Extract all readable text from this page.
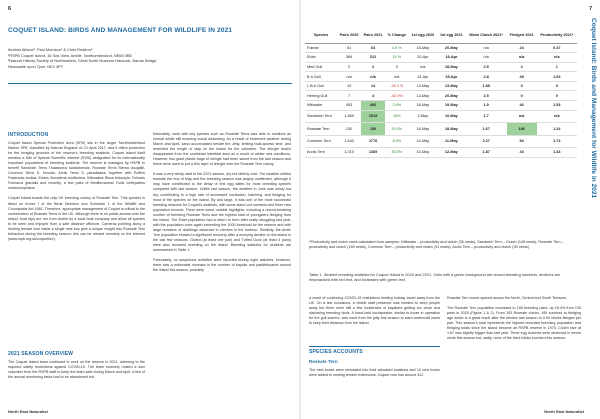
6
COQUET ISLAND: BIRDS AND MANAGEMENT FOR WILDLIFE IN 2021
Ibrahim Alfarwi¹, Paul Morrison¹ & Chris Redfern²
¹RSPB Coquet Island, 16 Sea View, Amble, Northumberland, NE65 0BE
²Natural History Society of Northumbria, Great North Museum Hancock, Barras Bridge,
Newcastle upon Tyne, NE2 4PT
INTRODUCTION

Coquet Island Special Protection Area (SPA) sits in the larger 'Northumberland Marine SPA' classified by Natural England on 21 April 2017, and it offers protection for the foraging grounds of the reserve's breeding seabirds. Coquet Island itself remains a Site of Special Scientific Interest (SSSI) designated for its internationally important populations of breeding seabirds. The reserve is managed by RSPB to benefit Sandwich Terns Thalasseus sandvicensis, Roseate Terns Sterna dougallii, Common Terns S. hirundo, Arctic Terns S. paradisaea, together with Puffins Fratercula arctica, Eiders Somateria mollissima, Kittiwakes Rissa tridactyla, Fulmars Fulmarus glacialis and recently, a few pairs of Mediterranean Gulls Ichthyaetus melanocephalus.

Coquet Island boasts the only UK breeding colony of Roseate Tern. This species is listed on Annex I of the Birds Directive and Schedule 1 of the Wildlife and Countryside Act 1981. Therefore, appropriate management of Coquet is critical to the conservation of Roseate Terns in the UK. Although there is no public access onto the island, boat trips are run from Amble by a local boat company and allow all species to be seen and enjoyed from a safe distance offshore. Cameras pointing along a nesting terrace and inside a single nest box give a unique insight into Roseate Tern behaviour during the breeding season; this can be viewed remotely on the internet (www.rspb.org.uk/coquetlive).

2021 SEASON OVERVIEW

The Coquet Island team continued to work on the reserve in 2021, adhering to the required safety restrictions against COVID-19. The team routinely hosted a solo volunteer from the RSPB staff to keep the team safe during March and April. A few of the annual monitoring tasks had to be abandoned but,

fortunately, work with key species such as Roseate Terns was able to continue as normal whilst still ensuring social distancing. As a result of inclement weather during March and April, sand accumulated beside the Jetty, limiting boat-access time, and restricted the length of stay on the island for the volunteer. The shingle beach disappeared from the southeast intertidal area as a result of winter sea conditions. However, two giant plastic bags of shingle had been saved from the last season and these were used to put a thin layer of shingle over the Roseate Tern colony.

It was a very windy start to the 2021 season, dry but bitterly cold. The weather settled towards the end of May and the breeding season was largely unaffected, although it may have contributed to the delay of first egg dates for most breeding species compared with last season. Unlike last season, the weather in June was windy but dry, contributing to a high rate of successful incubation, hatching, and fledging for most of the species on the island. By and large, it was one of the most successful breeding seasons for Coquet's seabirds, with some stand-out numbers and three new population records. There were some notable highlights, including a record-breaking number of breeding Roseate Terns and the highest total of youngsters fledging from the island. The Eider population had a return to form after really struggling last year, with the population once again exceeding the 1000 threshold for the reserve and with large numbers of ducklings observed in crèches in the harbour. Similarly, the Arctic Tern population showed a significant recovery after a worrying decline on the island in the last few seasons. Gulled (at least one pair) and Tufted Duck (at least 4 pairs) were also recorded breeding on the island. Breeding statistics for seabirds are summarised in Table 1.

Fortunately, no suspicious activities were reported during night watches. However, there was a noticeable increase in the number of kayaks and paddleboards around the island this season, probably

North East Naturalist
7
Coquet Island: Birds and Management for Wildlife in 2021
Species	Pairs 2020	Pairs 2021	% Change	1st egg 2020	1st egg 2021	Mean Clutch 2021*	Fledged 2021	Productivity 2021*
Fulmar	61	64	4.9 %	15-May	20-May	n/a	24	0.37
Eider	369	312	15 %	20-Apr	18-Apr	n/a	n/a	n/a
Med Gull	2	2	0	n/a	18-May	2.5	2	1
B-h Gull	n/a	n/a	n/a	14-Apr	25-Apr	2.8	49	1.63
L.B-b Gull	19	14	-26.3 %	13-May	13-May	1.85	0	0
Herring Gull	7	4	-42.9%	13-May	20-May	2.5	0	0
Kittiwake	453	466	2.8%	18-May	19-May	1.9	46	1.53
Sandwich Tern	1,669	1919	15%	2-May	10-May	1.7	n/a	n/a
Roseate Tern	130	150	15.4%	16-May	18-May	1.67	186	1.24
Common Tern	1,640	1776	8.3%	10-May	11-May	2.27	54	1.74
Arctic Tern	1,010	1369	35.5%	10-May	12-May	1.87	43	1.43
*Productivity and clutch sizes calculated from samples: Kittiwake – productivity and clutch (30 nests), Sandwich Tern – Clutch (145 nests), Roseate Tern – productivity and clutch (150 nests), Common Tern – productivity and clutch (31 nests), Arctic Tern – productivity and clutch (30 nests)
Table 1. Seabird breeding statistics for Coquet Island in 2020 and 2021. Cells with a green background are record-breaking numbers, declines are emphasised with red text, and increases with green text.

a result of continuing COVID-19 restrictions limiting holiday travel away from the UK. On a few occasions, a visible staff presence was needed to keep people away but there were still a few incidences of kayakers getting too close and disturbing breeding birds. A hand-held loudspeaker, similar to those in operation for the gull scarers, was used from the jetty this season to warn watercraft users to keep their distance from the island.

SPECIES ACCOUNTS
Roseate Tern

The nest boxes were reinstated into their allocated locations and 10 new boxes were added to nesting terrace extensions. Coquet now has around 312

Roseate Tern boxes spaced across the North, Central and South Terraces.

The Roseate Tern population increased to 150 breeding pairs, up 15.4% from 130 pairs in 2020 (Figure 1 & 2). From 193 Roseate chicks, 185 survived to fledging age which is a great result after the decline last season to 0.94 chicks fledged per pair. This season's total represents the highest recorded breeding population and fledging totals since the island became an RSPB reserve in 1970. Clutch size at 1.67 was slightly bigger than last year. Three egg clutches were observed in seven nests this season but, sadly, none of the third chicks survived this season.

North East Naturalist
